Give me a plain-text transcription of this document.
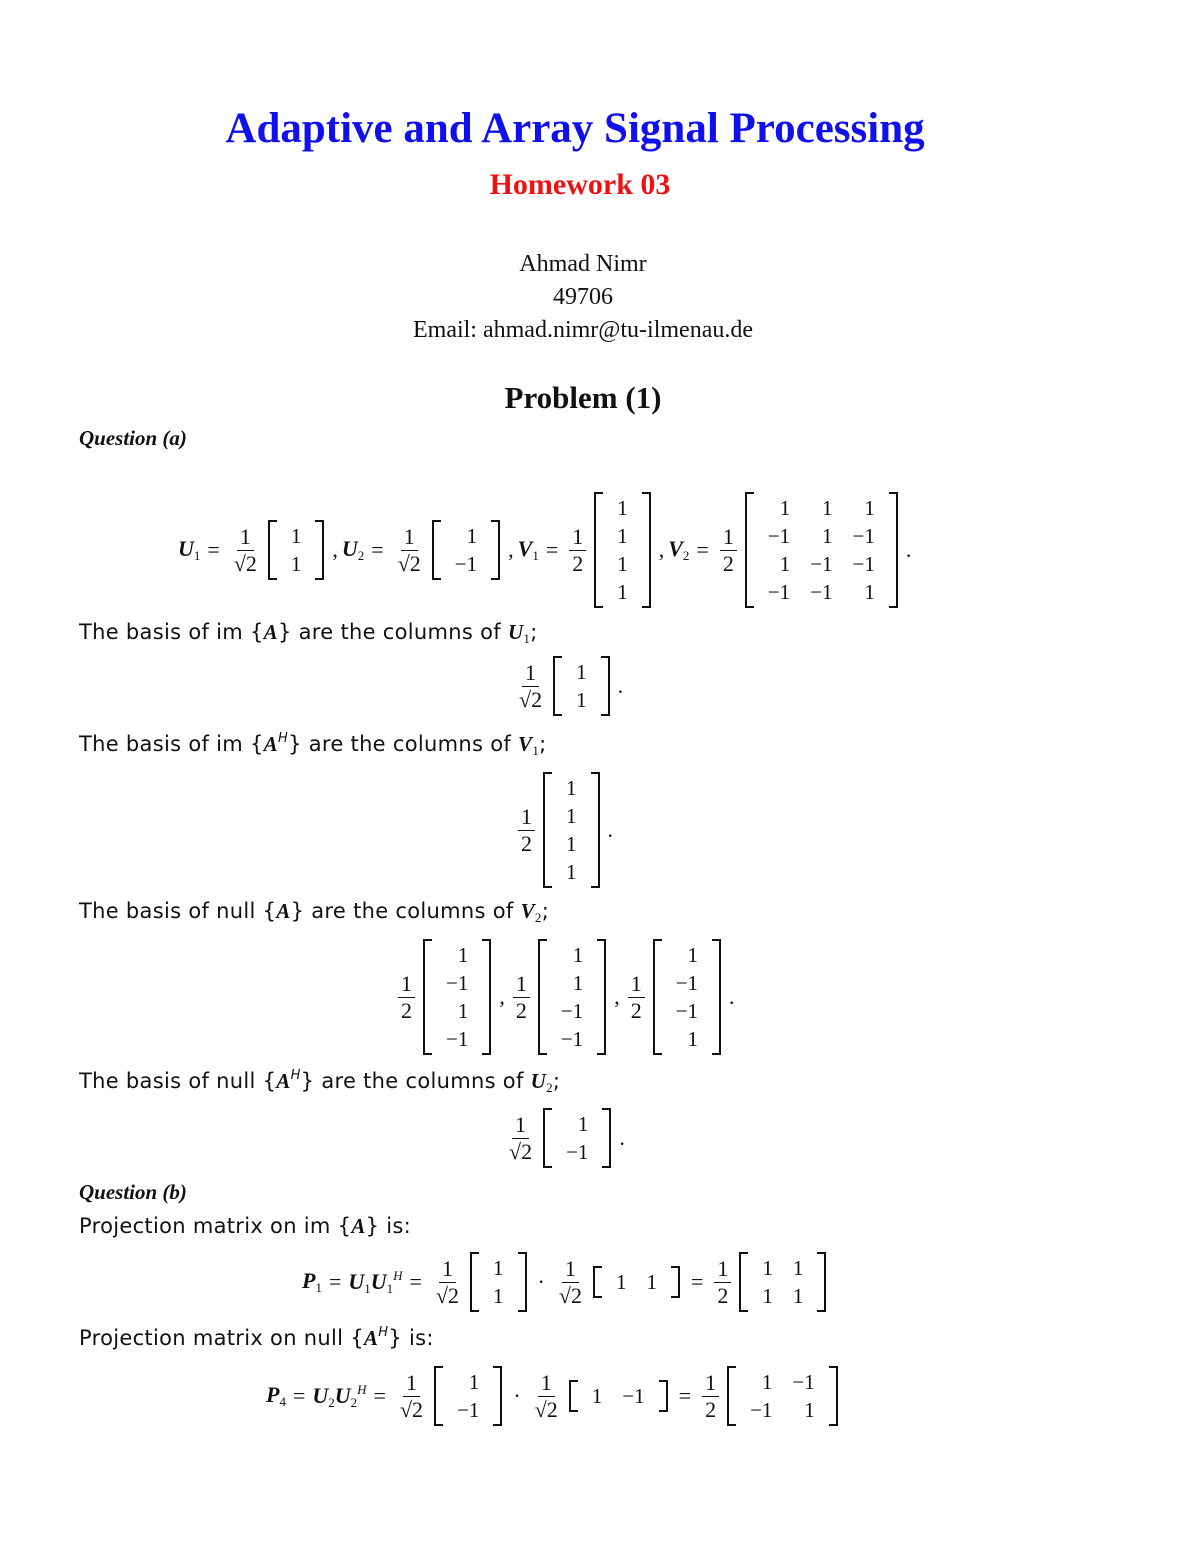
Adaptive and Array Signal Processing
Homework 03
Ahmad Nimr
49706
Email: ahmad.nimr@tu-ilmenau.de
Problem (1)
Question (a)
$U_1 = \frac{1}{√2} 1$
1
, $U_2 = \frac{1}{√2} 1$
−1
, $V_1 = \frac{1}{2}$
1
1
1
1
, $V_2 = \frac{1}{2}$
1	1	1
−1	1	−1
1	−1	−1
−1	−1	1
.
The basis of im {A} are the columns of $U_1$;
$\frac{1}{√2} 1$
1
.
The basis of im $\{A^H\}$ are the columns of $V_1$;
$\frac{1}{2}$
1
1
1
1
.
The basis of null {A} are the columns of $V_2$;
$\frac{1}{2}$
1
−1
1
−1
, $\frac{1}{2}$
1
1
−1
−1
, $\frac{1}{2}$
1
−1
−1
1
.
The basis of null $\{A^H\}$ are the columns of $U_2$;
$\frac{1}{√2} 1$
−1
.
Question (b)
Projection matrix on im {A} is:
$P_1 = U_1U_1^H = \frac{1}{√2} 1$
1
· $\frac{1}{√2} 1$	$1 = \frac{1}{2} 1$	1
1	1
Projection matrix on null $\{A^H\}$ is:
$P_4 = U_2U_2^H = \frac{1}{√2} 1$
−1
· $\frac{1}{√2} 1$	$-1 = \frac{1}{2} 1$	−1
−1	1
